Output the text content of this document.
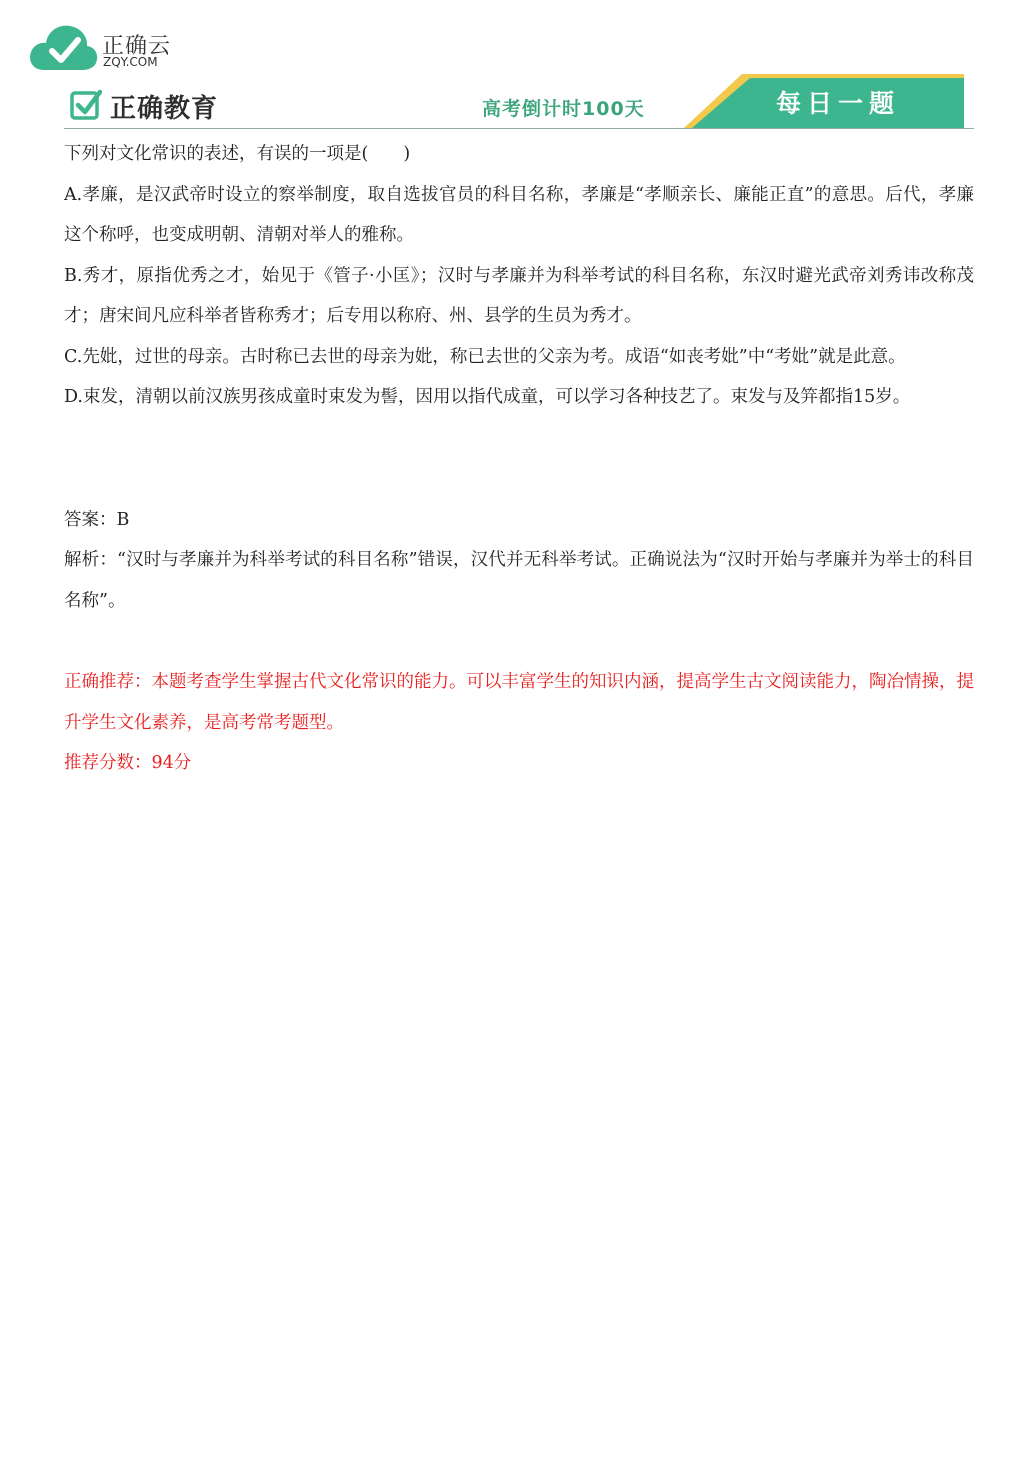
正确云
ZQY.COM
正确教育	高考倒计时100天	每日一题

下列对文化常识的表述，有误的一项是(　　)

A.孝廉，是汉武帝时设立的察举制度，取自选拔官员的科目名称，孝廉是“孝顺亲长、廉能正直”的意思。后代，孝廉这个称呼，也变成明朝、清朝对举人的雅称。

B.秀才，原指优秀之才，始见于《管子·小匡》；汉时与孝廉并为科举考试的科目名称，东汉时避光武帝刘秀讳改称茂才；唐宋间凡应科举者皆称秀才；后专用以称府、州、县学的生员为秀才。

C.先妣，过世的母亲。古时称已去世的母亲为妣，称已去世的父亲为考。成语“如丧考妣”中“考妣”就是此意。

D.束发，清朝以前汉族男孩成童时束发为髻，因用以指代成童，可以学习各种技艺了。束发与及笄都指15岁。

答案：B

解析：“汉时与孝廉并为科举考试的科目名称”错误，汉代并无科举考试。正确说法为“汉时开始与孝廉并为举士的科目名称”。

正确推荐：本题考查学生掌握古代文化常识的能力。可以丰富学生的知识内涵，提高学生古文阅读能力，陶冶情操，提升学生文化素养，是高考常考题型。

推荐分数：94分
